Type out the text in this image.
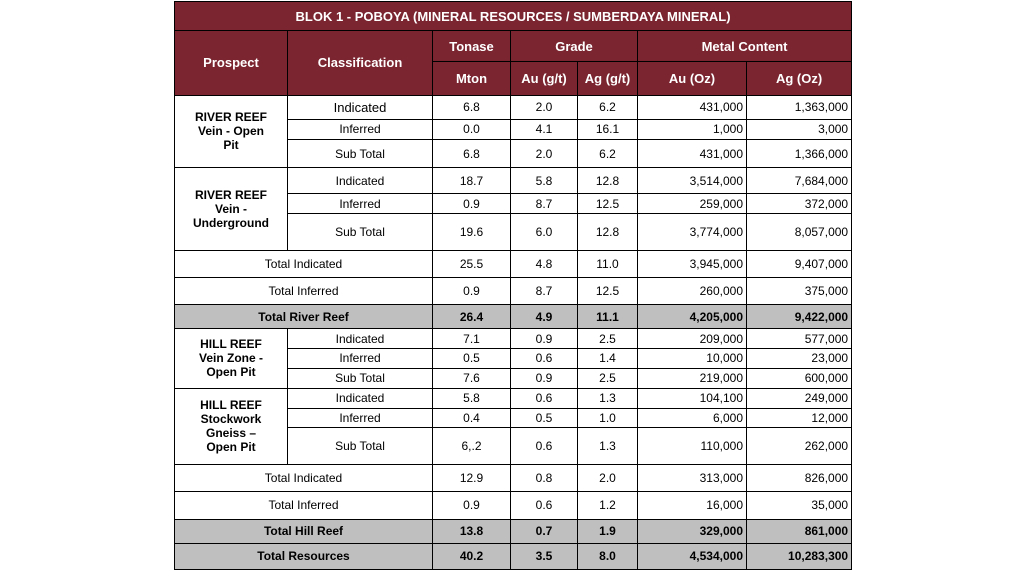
BLOK 1 - POBOYA (MINERAL RESOURCES / SUMBERDAYA MINERAL)						
Prospect	Classification	Tonase	Grade		Metal Content	
		Mton	Au (g/t)	Ag (g/t)	Au (Oz)	Ag (Oz)

RIVER REEF
Vein - Open
Pit	Indicated	6.8	2.0	6.2	431,000	1,363,000
	Inferred	0.0	4.1	16.1	1,000	3,000
	Sub Total	6.8	2.0	6.2	431,000	1,366,000

RIVER REEF
Vein -
Underground	Indicated	18.7	5.8	12.8	3,514,000	7,684,000
	Inferred	0.9	8.7	12.5	259,000	372,000
	Sub Total	19.6	6.0	12.8	3,774,000	8,057,000
Total Indicated		25.5	4.8	11.0	3,945,000	9,407,000
Total Inferred		0.9	8.7	12.5	260,000	375,000
Total River Reef		26.4	4.9	11.1	4,205,000	9,422,000

HILL REEF
Vein Zone -
Open Pit	Indicated	7.1	0.9	2.5	209,000	577,000
	Inferred	0.5	0.6	1.4	10,000	23,000
	Sub Total	7.6	0.9	2.5	219,000	600,000

HILL REEF
Stockwork
Gneiss –
Open Pit	Indicated	5.8	0.6	1.3	104,100	249,000
	Inferred	0.4	0.5	1.0	6,000	12,000
	Sub Total	6,.2	0.6	1.3	110,000	262,000
Total Indicated		12.9	0.8	2.0	313,000	826,000
Total Inferred		0.9	0.6	1.2	16,000	35,000
Total Hill Reef		13.8	0.7	1.9	329,000	861,000
Total Resources		40.2	3.5	8.0	4,534,000	10,283,300
